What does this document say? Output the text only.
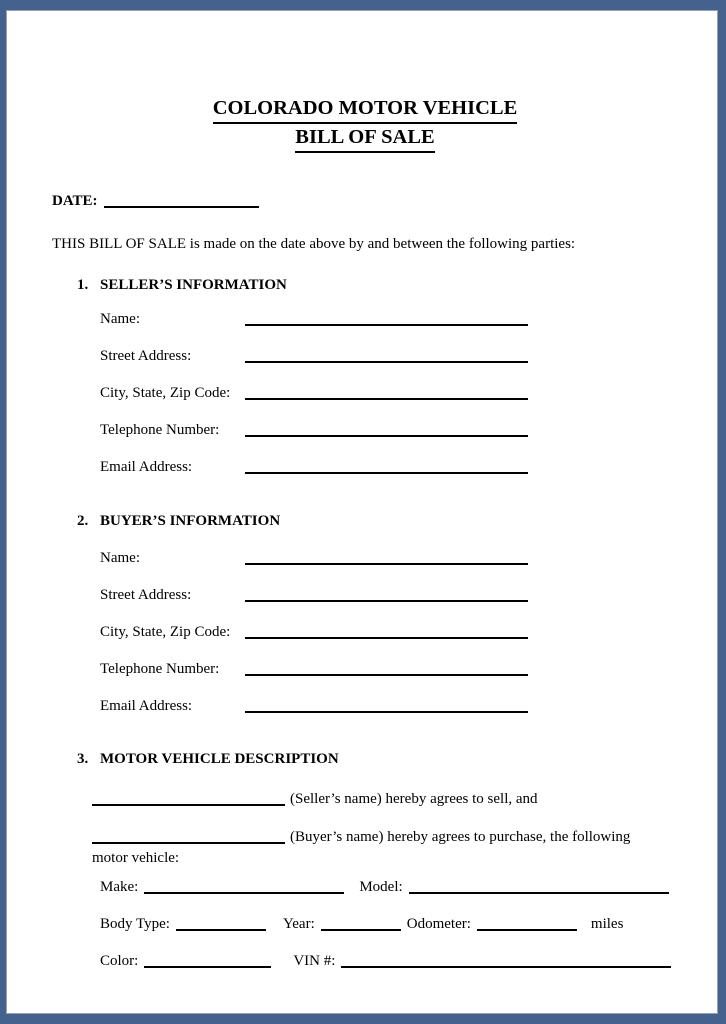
COLORADO MOTOR VEHICLE
BILL OF SALE
DATE:

THIS BILL OF SALE is made on the date above by and between the following parties:

1. SELLER’S INFORMATION
Name:
Street Address:
City, State, Zip Code:
Telephone Number:
Email Address:
2. BUYER’S INFORMATION
Name:
Street Address:
City, State, Zip Code:
Telephone Number:
Email Address:
3. MOTOR VEHICLE DESCRIPTION

(Seller’s name) hereby agrees to sell, and

(Buyer’s name) hereby agrees to purchase, the following
motor vehicle:

Make:	Model:
Body Type:	Year:	Odometer:	miles
Color:	VIN #:
